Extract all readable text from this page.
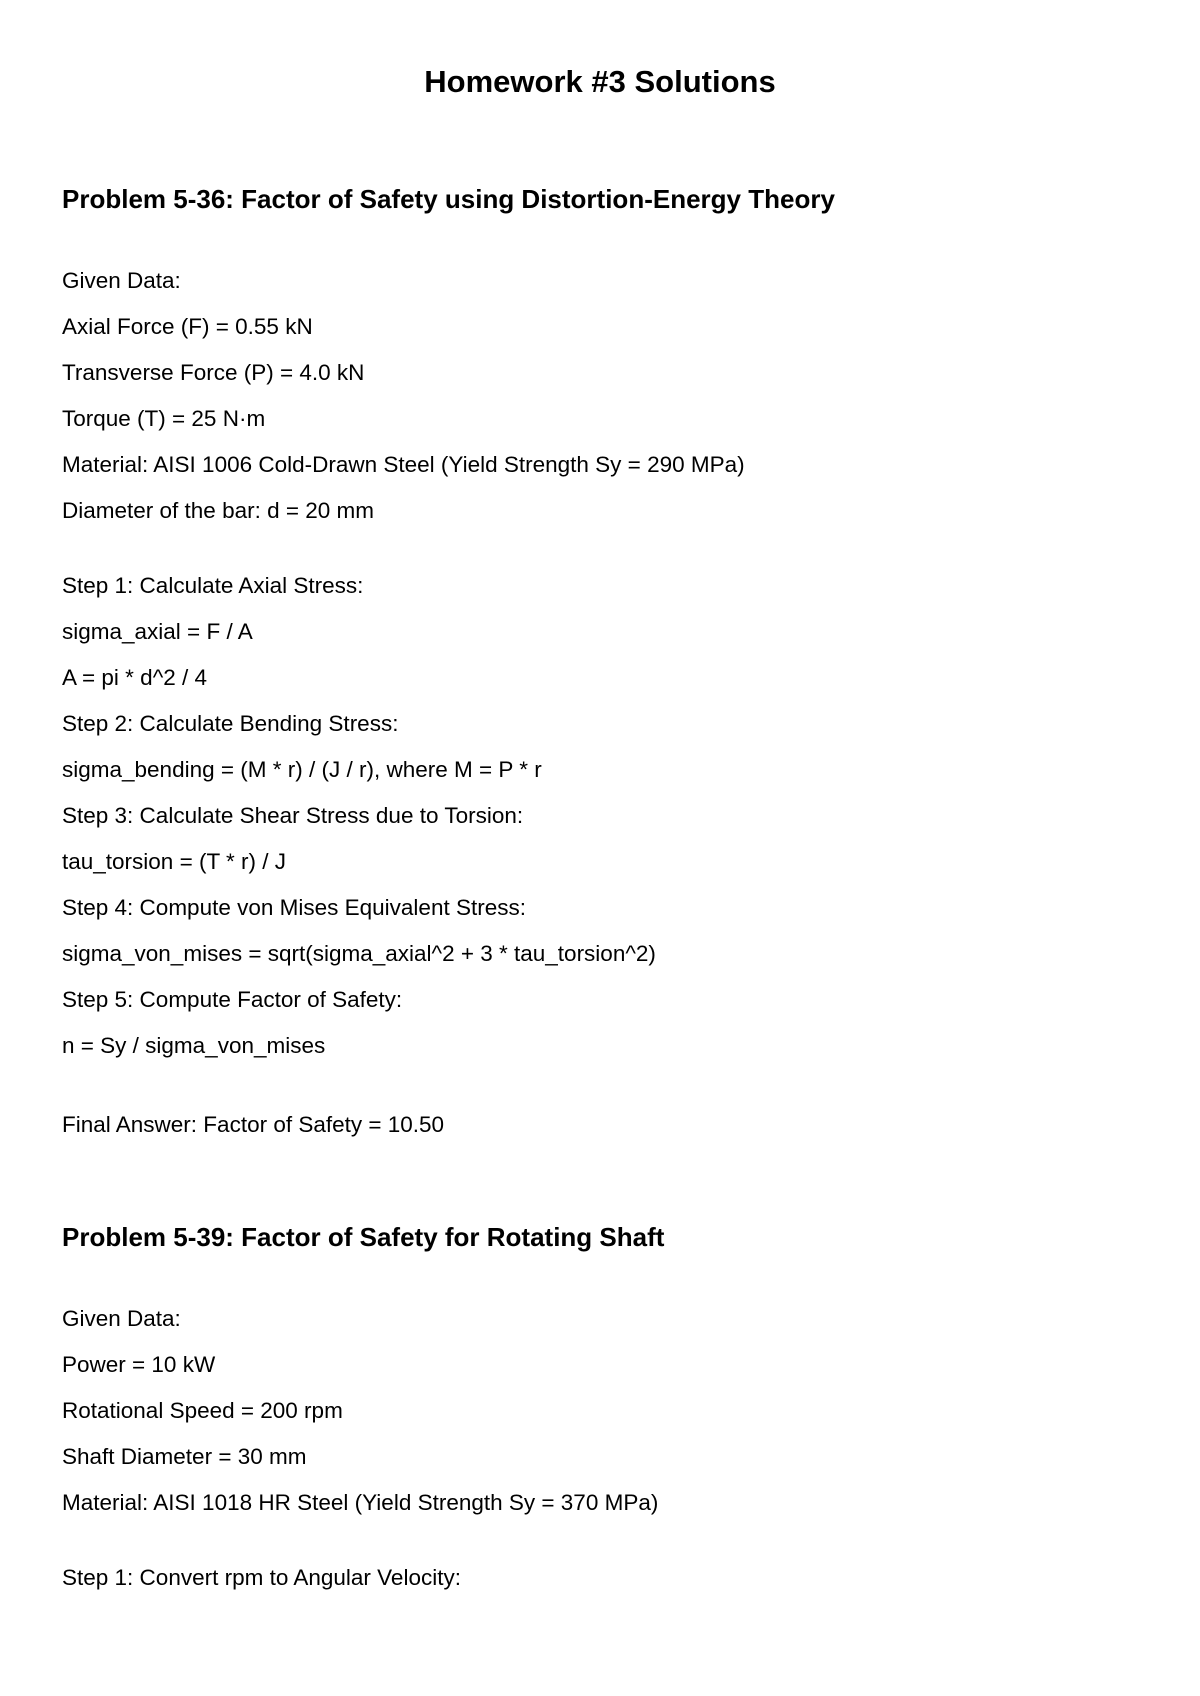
Homework #3 Solutions
Problem 5-36: Factor of Safety using Distortion-Energy Theory

Given Data:

Axial Force (F) = 0.55 kN

Transverse Force (P) = 4.0 kN

Torque (T) = 25 N·m

Material: AISI 1006 Cold-Drawn Steel (Yield Strength Sy = 290 MPa)

Diameter of the bar: d = 20 mm

Step 1: Calculate Axial Stress:

sigma_axial = F / A

A = pi * d^2 / 4

Step 2: Calculate Bending Stress:

sigma_bending = (M * r) / (J / r), where M = P * r

Step 3: Calculate Shear Stress due to Torsion:

tau_torsion = (T * r) / J

Step 4: Compute von Mises Equivalent Stress:

sigma_von_mises = sqrt(sigma_axial^2 + 3 * tau_torsion^2)

Step 5: Compute Factor of Safety:

n = Sy / sigma_von_mises

Final Answer: Factor of Safety = 10.50

Problem 5-39: Factor of Safety for Rotating Shaft

Given Data:

Power = 10 kW

Rotational Speed = 200 rpm

Shaft Diameter = 30 mm

Material: AISI 1018 HR Steel (Yield Strength Sy = 370 MPa)

Step 1: Convert rpm to Angular Velocity:
